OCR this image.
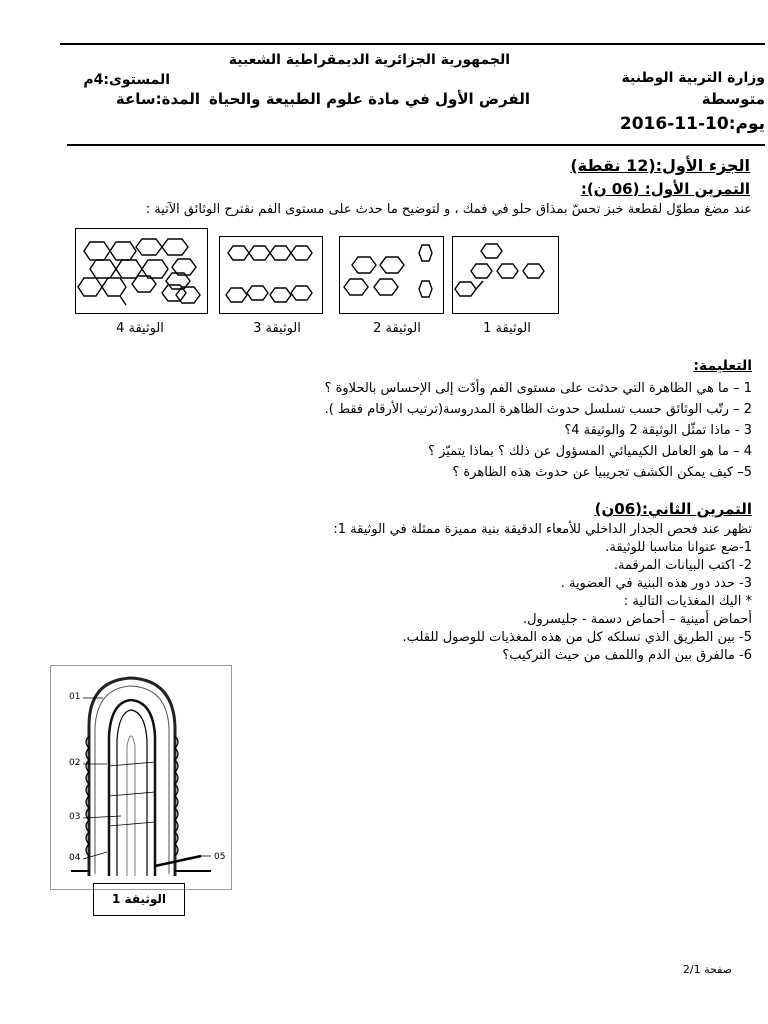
الجمهورية الجزائرية الديمقراطية الشعبية
وزارة التربية الوطنية
المستوى:4م
متوسطة
الفرض الأول في مادة علوم الطبيعة والحياة
المدة:ساعة
يوم:10-11-2016
الجزء الأول:(12 نقطة)
التمرين الأول: (06 ن):
عند مضغ مطوّل لقطعة خبز تحسّ بمذاق حلو في فمك ، و لتوضيح ما حدث على مستوى الفم نقترح الوثائق الآتية :
الوثيقة 4	الوثيقة 3	الوثيقة 2	الوثيقة 1
التعليمة:
1 – ما هي الظاهرة التي حدثت على مستوى الفم وأدّت إلى الإحساس بالحلاوة ؟
2 – رتّب الوثائق حسب تسلسل حدوث الظاهرة المدروسة(ترتيب الأرقام فقط ).
3 - ماذا تمثّل الوثيقة 2 والوثيقة 4؟
4 – ما هو العامل الكيميائي المسؤول عن ذلك ؟ بماذا يتميّز ؟
5– كيف يمكن الكشف تجريبيا عن حدوث هذه الظاهرة ؟
التمرين الثاني:(06ن)
تظهر عند فحص الجدار الداخلي للأمعاء الدقيقة بنية مميزة ممثلة في الوثيقة 1:
1-ضع عنوانا مناسبا للوثيقة.
2- اكتب البيانات المرقمة.
3- حدد دور هذه البنية في العضوية .
* اليك المغذيات التالية :
أحماض أمينية – أحماض دسمة - جليسرول.
5- بين الطريق الذي تسلكه كل من هذه المغذيات للوصول للقلب.
6- مالفرق بين الدم واللمف من حيث التركيب؟
01
02
03
04	05
الوثيقة 1
صفحة 2/1
